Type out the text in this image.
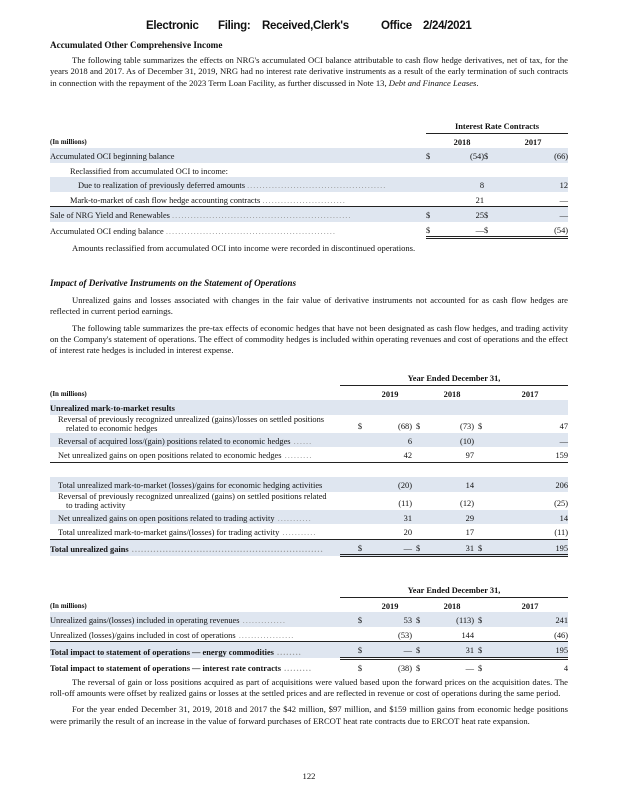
Electronic Filing: Received,Clerk's	Office 2/24/2021

Accumulated Other Comprehensive Income

The following table summarizes the effects on NRG's accumulated OCI balance attributable to cash flow hedge derivatives, net of tax, for the years 2018 and 2017. As of December 31, 2019, NRG had no interest rate derivative instruments as a result of the early termination of such contracts in connection with the repayment of the 2023 Term Loan Facility, as further discussed in Note 13, Debt and Finance Leases.

	Interest Rate Contracts			
(In millions)		2018		2017
Accumulated OCI beginning balance	$	(54)	$	(66)
Reclassified from accumulated OCI to income:				
Due to realization of previously deferred amounts .............................................		8		12
Mark-to-market of cash flow hedge accounting contracts ...........................		21		—
Sale of NRG Yield and Renewables ..........................................................	$	25	$	—
Accumulated OCI ending balance .......................................................	$	—	$	(54)

Amounts reclassified from accumulated OCI into income were recorded in discontinued operations.

Impact of Derivative Instruments on the Statement of Operations

Unrealized gains and losses associated with changes in the fair value of derivative instruments not accounted for as cash flow hedges are reflected in current period earnings.

The following table summarizes the pre-tax effects of economic hedges that have not been designated as cash flow hedges, and trading activity on the Company's statement of operations. The effect of commodity hedges is included within operating revenues and cost of operations and the effect of interest rate hedges is included in interest expense.

	Year Ended December 31,					
(In millions)		2019		2018		2017
Unrealized mark-to-market results						
Reversal of previously recognized unrealized (gains)/losses on settled positions
related to economic hedges	$	(68)	$	(73)	$	47
Reversal of acquired loss/(gain) positions related to economic hedges ......		6		(10)		—
Net unrealized gains on open positions related to economic hedges .........		42		97		159

Total unrealized mark-to-market (losses)/gains for economic hedging activities		(20)		14		206
Reversal of previously recognized unrealized (gains) on settled positions related
to trading activity		(11)		(12)		(25)
Net unrealized gains on open positions related to trading activity ...........		31		29		14
Total unrealized mark-to-market gains/(losses) for trading activity ...........		20		17		(11)
Total unrealized gains ..............................................................	$	—	$	31	$	195
	Year Ended December 31,					
(In millions)		2019		2018		2017
Unrealized gains/(losses) included in operating revenues ..............	$	53	$	(113)	$	241
Unrealized (losses)/gains included in cost of operations ..................		(53)		144		(46)
Total impact to statement of operations — energy commodities ........	$	—	$	31	$	195
Total impact to statement of operations — interest rate contracts .........	$	(38)	$	—	$	4

The reversal of gain or loss positions acquired as part of acquisitions were valued based upon the forward prices on the acquisition dates. The roll-off amounts were offset by realized gains or losses at the settled prices and are reflected in revenue or cost of operations during the same period.

For the year ended December 31, 2019, 2018 and 2017 the $42 million, $97 million, and $159 million gains from economic hedge positions were primarily the result of an increase in the value of forward purchases of ERCOT heat rate contracts due to ERCOT heat rate expansion.

122
